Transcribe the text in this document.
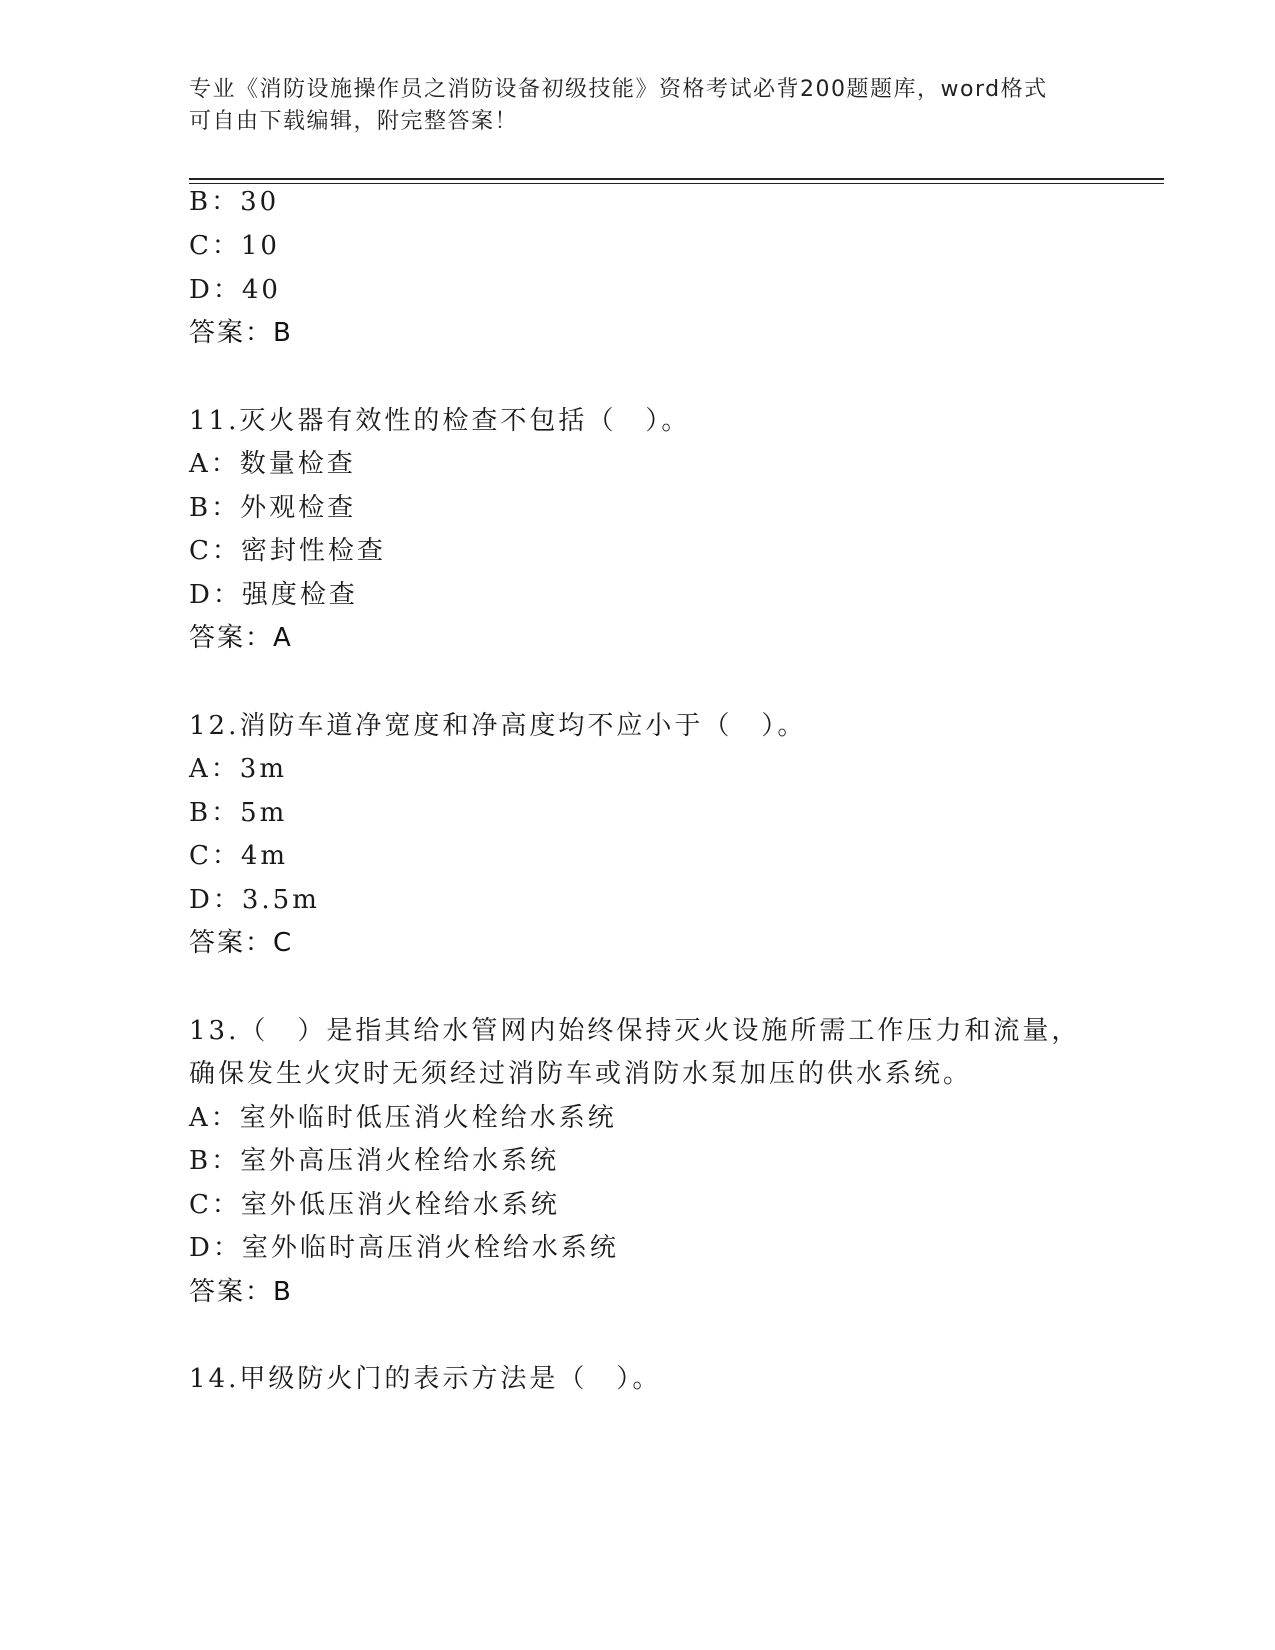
专业《消防设施操作员之消防设备初级技能》资格考试必背200题题库，word格式可自由下载编辑，附完整答案！
B：30
C：10
D：40
答案：B
11.灭火器有效性的检查不包括（　）。
A：数量检查
B：外观检查
C：密封性检查
D：强度检查
答案：A
12.消防车道净宽度和净高度均不应小于（　）。
A：3m
B：5m
C：4m
D：3.5m
答案：C
13.（　）是指其给水管网内始终保持灭火设施所需工作压力和流量，
确保发生火灾时无须经过消防车或消防水泵加压的供水系统。
A：室外临时低压消火栓给水系统
B：室外高压消火栓给水系统
C：室外低压消火栓给水系统
D：室外临时高压消火栓给水系统
答案：B
14.甲级防火门的表示方法是（　）。
